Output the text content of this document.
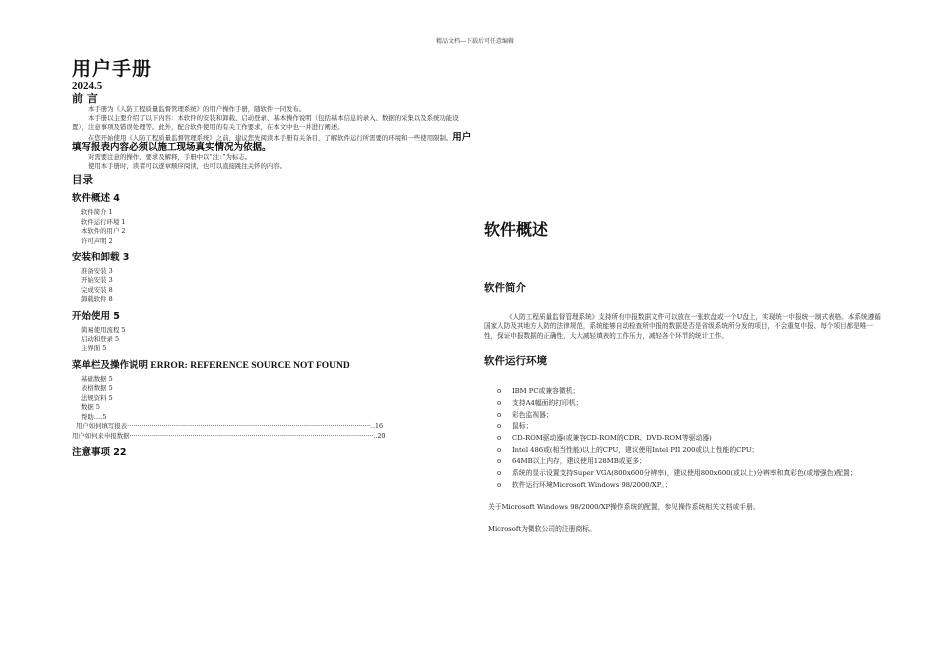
精品文档---下载后可任意编辑
用户手册
2024.5
前 言
本手册为《人防工程质量监督管理系统》的用户操作手册，随软件一同发布。
本手册以主要介绍了以下内容：本软件的安装和卸载、启动登录、基本操作说明（包括基本信息的录入、数据的采集以及系统功能设置），注意事项及错误处理等。此外，配合软件使用的有关工作要求，在本文中也一并进行阐述。
在您开始使用《人防工程质量监督管理系统》之前，建议您先阅读本手册有关条目，了解软件运行所需要的环境和一些使用限制。用户填写报表内容必须以施工现场真实情况为依据。
对需要注意的操作、要求及解释，手册中以“注：”为标志。
使用本手册时，读者可以逐章顺序阅读，也可以直接跳往关怀的内容。
目录
软件概述 4
软件简介 1
软件运行环境 1
本软件的用户 2
许可声明 2
安装和卸载 3
准备安装 3
开始安装 3
完成安装 8
卸载软件 8
开始使用 5
简易使用流程 5
启动和登录 5
主界面 5
菜单栏及操作说明 ERROR: REFERENCE SOURCE NOT FOUND
基础数据 5
表格数据 5
法规资料 5
数据 5
帮助….5
用户如何填写报表························································································································..16
用户如何来申报数据························································································································..20
注意事项 22
软件概述
软件简介
《人防工程质量监督管理系统》支持所有申报数据文件可以放在一张软盘或一个U盘上，实现统一申报统一制式表格。本系统遵循国家人防及其地方人防的法律规范，系统能够自动检查所申报的数据是否是省级系统所分发的项目，不会重复申报、每个项目都是唯一性，保证申报数据的正确性，大大减轻填表的工作压力，减轻各个环节的统计工作。
软件运行环境
o IBM PC或兼容微机；
o 支持A4幅面的打印机；
o 彩色监视器；
o 鼠标；
o CD-ROM驱动器(或兼容CD-ROM的CDR、DVD-ROM等驱动器)
o Intel 486或(相当性能)以上的CPU，建议使用Intel PII 200或以上性能的CPU；
o 64MB以上内存，建议使用128MB或更多；
o 系统的显示设置支持Super VGA(800x600分辨率)，建议使用800x600(或以上)分辨率和真彩色(或增强色)配置；
o 软件运行环境Microsoft Windows 98/2000/XP。；
关于Microsoft Windows 98/2000/XP操作系统的配置，参见操作系统相关文档或手册。
Microsoft为微软公司的注册商标。
